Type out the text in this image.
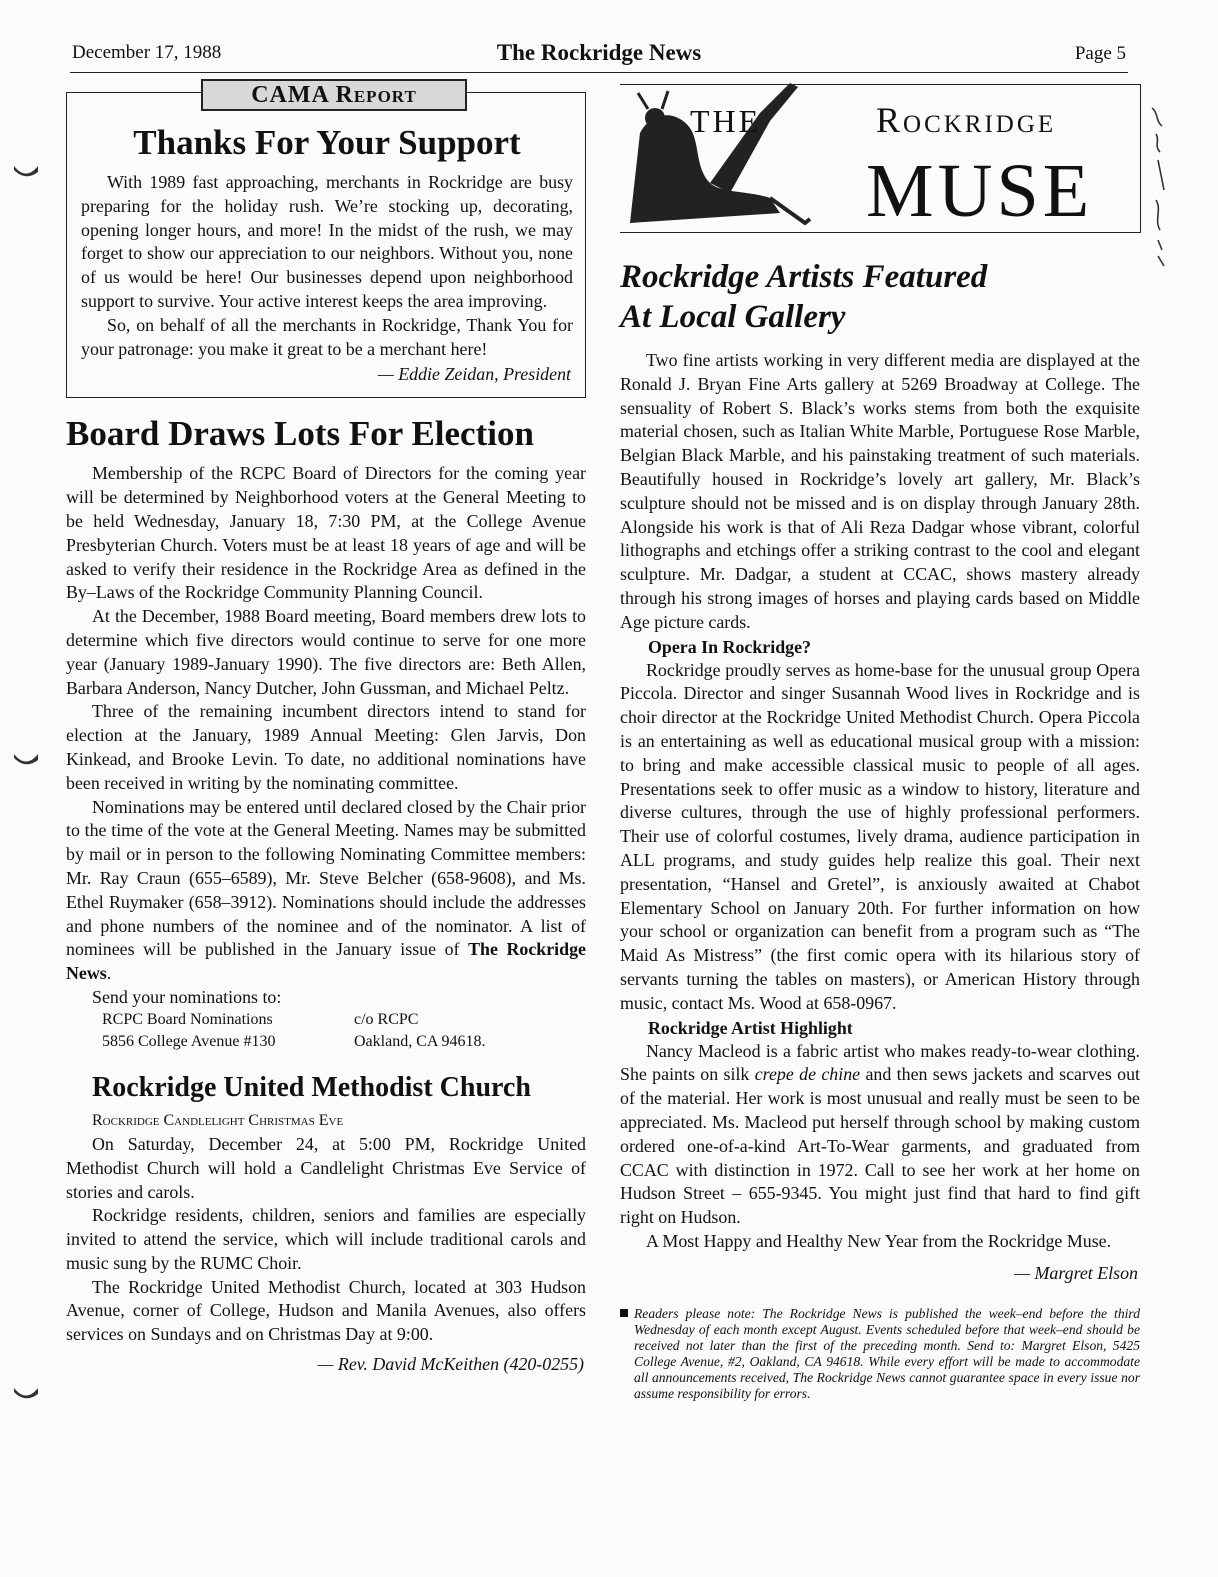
December 17, 1988	The Rockridge News	Page 5
CAMA Report
Thanks For Your Support

With 1989 fast approaching, merchants in Rockridge are busy preparing for the holiday rush. We’re stocking up, decorating, opening longer hours, and more! In the midst of the rush, we may forget to show our appreciation to our neighbors. Without you, none of us would be here! Our businesses depend upon neighborhood support to survive. Your active interest keeps the area improving.

So, on behalf of all the merchants in Rockridge, Thank You for your patronage: you make it great to be a merchant here!

— Eddie Zeidan, President
Board Draws Lots For Election

Membership of the RCPC Board of Directors for the coming year will be determined by Neighborhood voters at the General Meeting to be held Wednesday, January 18, 7:30 PM, at the College Avenue Presbyterian Church. Voters must be at least 18 years of age and will be asked to verify their residence in the Rockridge Area as defined in the By–Laws of the Rockridge Community Planning Council.

At the December, 1988 Board meeting, Board members drew lots to determine which five directors would continue to serve for one more year (January 1989-January 1990). The five directors are: Beth Allen, Barbara Anderson, Nancy Dutcher, John Gussman, and Michael Peltz.

Three of the remaining incumbent directors intend to stand for election at the January, 1989 Annual Meeting: Glen Jarvis, Don Kinkead, and Brooke Levin. To date, no additional nominations have been received in writing by the nominating committee.

Nominations may be entered until declared closed by the Chair prior to the time of the vote at the General Meeting. Names may be submitted by mail or in person to the following Nominating Committee members: Mr. Ray Craun (655–6589), Mr. Steve Belcher (658-9608), and Ms. Ethel Ruymaker (658–3912). Nominations should include the addresses and phone numbers of the nominee and of the nominator. A list of nominees will be published in the January issue of The Rockridge News.

Send your nominations to:
RCPC Board Nominations	c/o RCPC
5856 College Avenue #130	Oakland, CA 94618.
Rockridge United Methodist Church
Rockridge Candlelight Christmas Eve

On Saturday, December 24, at 5:00 PM, Rockridge United Methodist Church will hold a Candlelight Christmas Eve Service of stories and carols.

Rockridge residents, children, seniors and families are especially invited to attend the service, which will include traditional carols and music sung by the RUMC Choir.

The Rockridge United Methodist Church, located at 303 Hudson Avenue, corner of College, Hudson and Manila Avenues, also offers services on Sundays and on Christmas Day at 9:00.

— Rev. David McKeithen (420-0255)
THE	Rockridge
MUSE
Rockridge Artists Featured
At Local Gallery

Two fine artists working in very different media are displayed at the Ronald J. Bryan Fine Arts gallery at 5269 Broadway at College. The sensuality of Robert S. Black’s works stems from both the exquisite material chosen, such as Italian White Marble, Portuguese Rose Marble, Belgian Black Marble, and his painstaking treatment of such materials. Beautifully housed in Rockridge’s lovely art gallery, Mr. Black’s sculpture should not be missed and is on display through January 28th. Alongside his work is that of Ali Reza Dadgar whose vibrant, colorful lithographs and etchings offer a striking contrast to the cool and elegant sculpture. Mr. Dadgar, a student at CCAC, shows mastery already through his strong images of horses and playing cards based on Middle Age picture cards.

Opera In Rockridge?

Rockridge proudly serves as home-base for the unusual group Opera Piccola. Director and singer Susannah Wood lives in Rockridge and is choir director at the Rockridge United Methodist Church. Opera Piccola is an entertaining as well as educational musical group with a mission: to bring and make accessible classical music to people of all ages. Presentations seek to offer music as a window to history, literature and diverse cultures, through the use of highly professional performers. Their use of colorful costumes, lively drama, audience participation in ALL programs, and study guides help realize this goal. Their next presentation, “Hansel and Gretel”, is anxiously awaited at Chabot Elementary School on January 20th. For further information on how your school or organization can benefit from a program such as “The Maid As Mistress” (the first comic opera with its hilarious story of servants turning the tables on masters), or American History through music, contact Ms. Wood at 658-0967.

Rockridge Artist Highlight

Nancy Macleod is a fabric artist who makes ready-to-wear clothing. She paints on silk crepe de chine and then sews jackets and scarves out of the material. Her work is most unusual and really must be seen to be appreciated. Ms. Macleod put herself through school by making custom ordered one-of-a-kind Art-To-Wear garments, and graduated from CCAC with distinction in 1972. Call to see her work at her home on Hudson Street – 655-9345. You might just find that hard to find gift right on Hudson.

A Most Happy and Healthy New Year from the Rockridge Muse.

— Margret Elson
Readers please note: The Rockridge News is published the week–end before the third Wednesday of each month except August. Events scheduled before that week–end should be received not later than the first of the preceding month. Send to: Margret Elson, 5425 College Avenue, #2, Oakland, CA 94618. While every effort will be made to accommodate all announcements received, The Rockridge News cannot guarantee space in every issue nor assume responsibility for errors.
